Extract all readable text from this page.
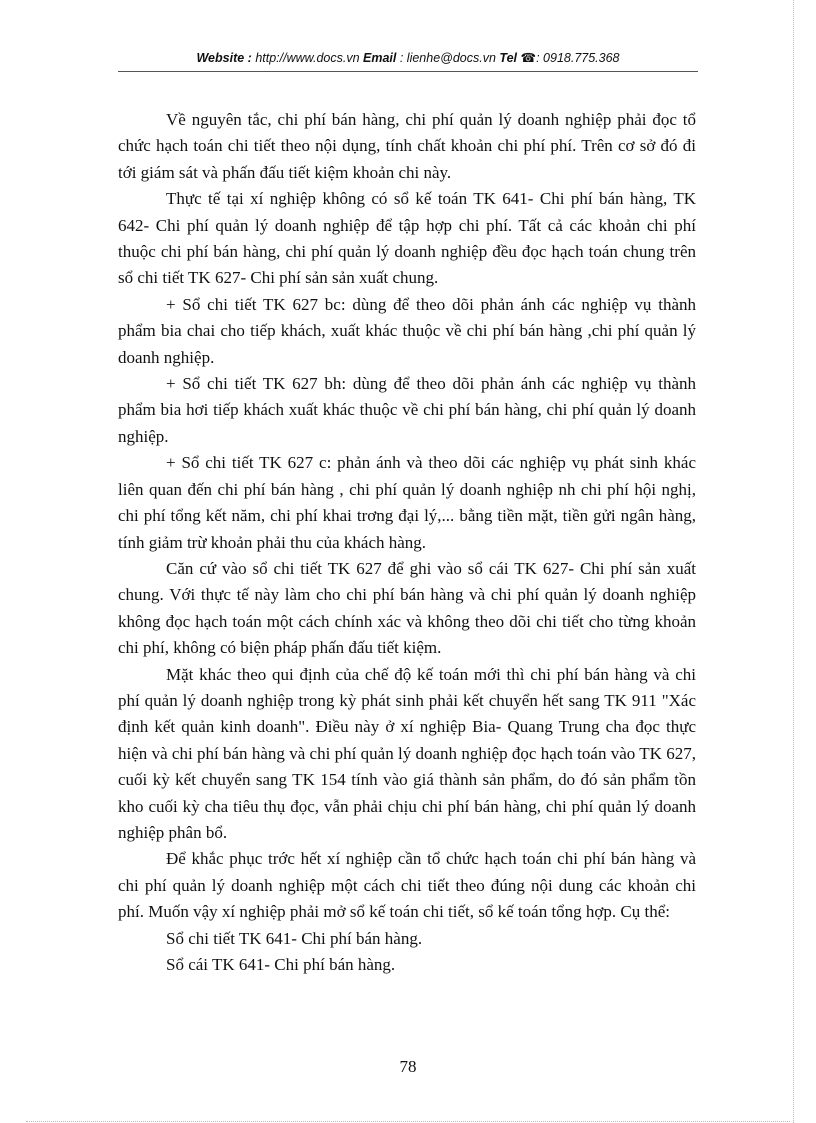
Website : http://www.docs.vn Email : lienhe@docs.vn Tel ☎: 0918.775.368

Về nguyên tắc, chi phí bán hàng, chi phí quản lý doanh nghiệp phải đọc tổ chức hạch toán chi tiết theo nội dụng, tính chất khoản chi phí phí. Trên cơ sở đó đi tới giám sát và phấn đấu tiết kiệm khoản chi này.

Thực tế tại xí nghiệp không có sổ kế toán TK 641- Chi phí bán hàng, TK 642- Chi phí quản lý doanh nghiệp để tập hợp chi phí. Tất cả các khoản chi phí thuộc chi phí bán hàng, chi phí quản lý doanh nghiệp đều đọc hạch toán chung trên sổ chi tiết TK 627- Chi phí sản sản xuất chung.

+ Sổ chi tiết TK 627 bc: dùng để theo dõi phản ánh các nghiệp vụ thành phẩm bia chai cho tiếp khách, xuất khác thuộc về chi phí bán hàng ,chi phí quản lý doanh nghiệp.

+ Sổ chi tiết TK 627 bh: dùng để theo dõi phản ánh các nghiệp vụ thành phẩm bia hơi tiếp khách xuất khác thuộc về chi phí bán hàng, chi phí quản lý doanh nghiệp.

+ Sổ chi tiết TK 627 c: phản ánh và theo dõi các nghiệp vụ phát sinh khác liên quan đến chi phí bán hàng , chi phí quản lý doanh nghiệp nh chi phí hội nghị, chi phí tổng kết năm, chi phí khai trơng đại lý,... bằng tiền mặt, tiền gửi ngân hàng, tính giảm trừ khoản phải thu của khách hàng.

Căn cứ vào sổ chi tiết TK 627 để ghi vào sổ cái TK 627- Chi phí sản xuất chung. Với thực tế này làm cho chi phí bán hàng và chi phí quản lý doanh nghiệp không đọc hạch toán một cách chính xác và không theo dõi chi tiết cho từng khoản chi phí, không có biện pháp phấn đấu tiết kiệm.

Mặt khác theo qui định của chế độ kế toán mới thì chi phí bán hàng và chi phí quản lý doanh nghiệp trong kỳ phát sinh phải kết chuyển hết sang TK 911 "Xác định kết quản kinh doanh". Điều này ở xí nghiệp Bia- Quang Trung cha đọc thực hiện và chi phí bán hàng và chi phí quản lý doanh nghiệp đọc hạch toán vào TK 627, cuối kỳ kết chuyển sang TK 154 tính vào giá thành sản phẩm, do đó sản phẩm tồn kho cuối kỳ cha tiêu thụ đọc, vẫn phải chịu chi phí bán hàng, chi phí quản lý doanh nghiệp phân bổ.

Để khắc phục trớc hết xí nghiệp cần tổ chức hạch toán chi phí bán hàng và chi phí quản lý doanh nghiệp một cách chi tiết theo đúng nội dung các khoản chi phí. Muốn vậy xí nghiệp phải mở sổ kế toán chi tiết, sổ kế toán tổng hợp. Cụ thể:

Sổ chi tiết TK 641- Chi phí bán hàng.

Sổ cái TK 641- Chi phí bán hàng.

78
